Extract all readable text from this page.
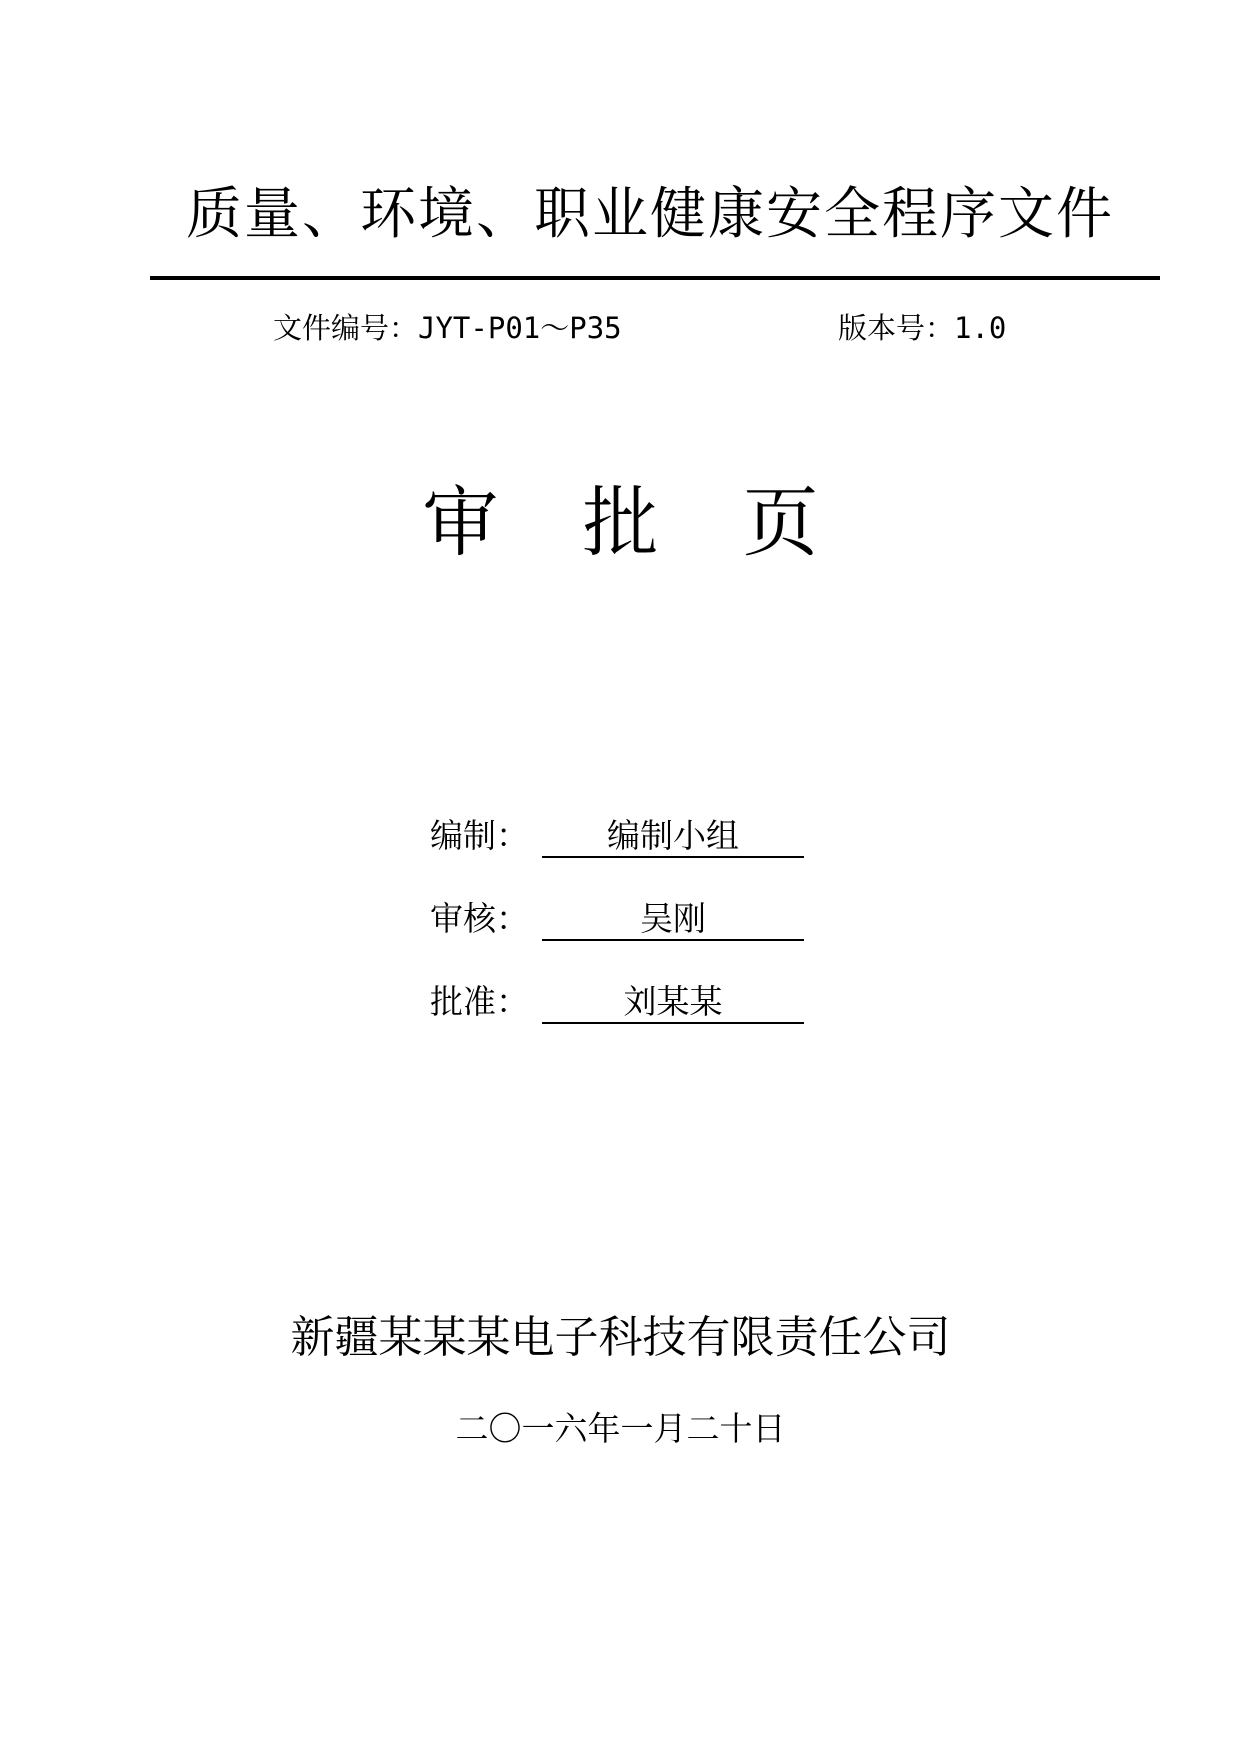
质量、环境、职业健康安全程序文件
文件编号：JYT-P01～P35	版本号：1.0
审 批 页
编制：	编制小组
审核：	吴刚
批准：	刘某某
新疆某某某电子科技有限责任公司
二〇一六年一月二十日
